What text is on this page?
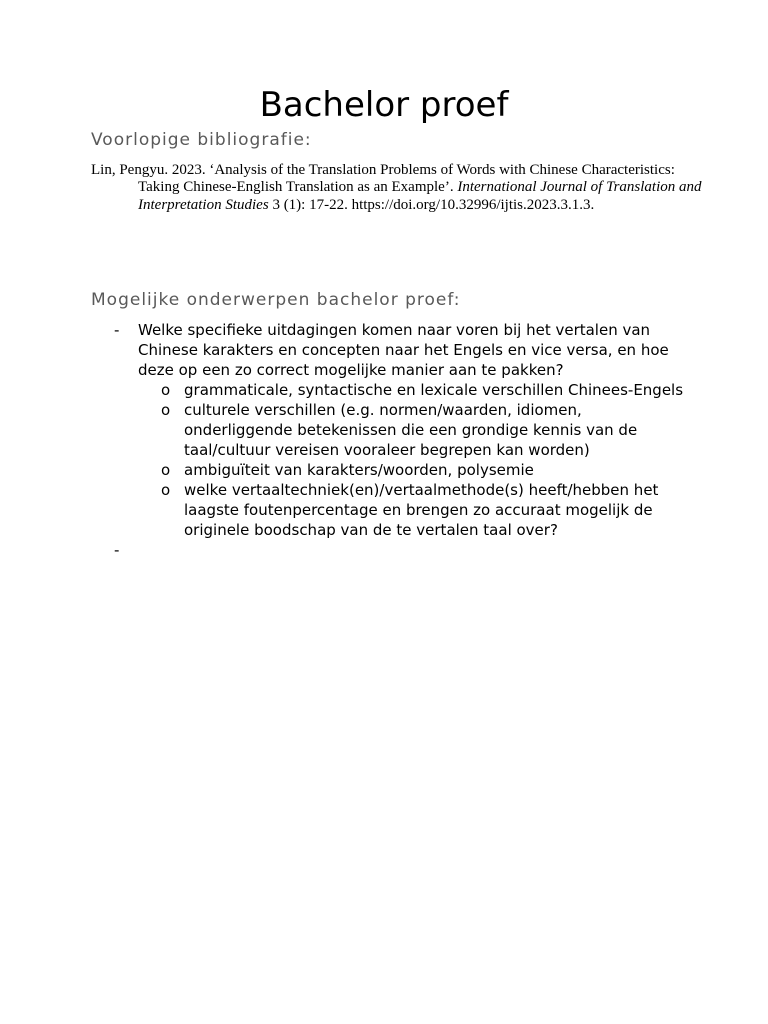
Bachelor proef
Voorlopige bibliografie:

Lin, Pengyu. 2023. ‘Analysis of the Translation Problems of Words with Chinese Characteristics: Taking Chinese-English Translation as an Example’. International Journal of Translation and Interpretation Studies 3 (1): 17-22. https://doi.org/10.32996/ijtis.2023.3.1.3.

Mogelijke onderwerpen bachelor proef:
- Welke specifieke uitdagingen komen naar voren bij het vertalen van Chinese karakters en concepten naar het Engels en vice versa, en hoe deze op een zo correct mogelijke manier aan te pakken?
o grammaticale, syntactische en lexicale verschillen Chinees-Engels
o culturele verschillen (e.g. normen/waarden, idiomen, onderliggende betekenissen die een grondige kennis van de taal/cultuur vereisen vooraleer begrepen kan worden)
o ambiguïteit van karakters/woorden, polysemie
o welke vertaaltechniek(en)/vertaalmethode(s) heeft/hebben het laagste foutenpercentage en brengen zo accuraat mogelijk de originele boodschap van de te vertalen taal over?
-
